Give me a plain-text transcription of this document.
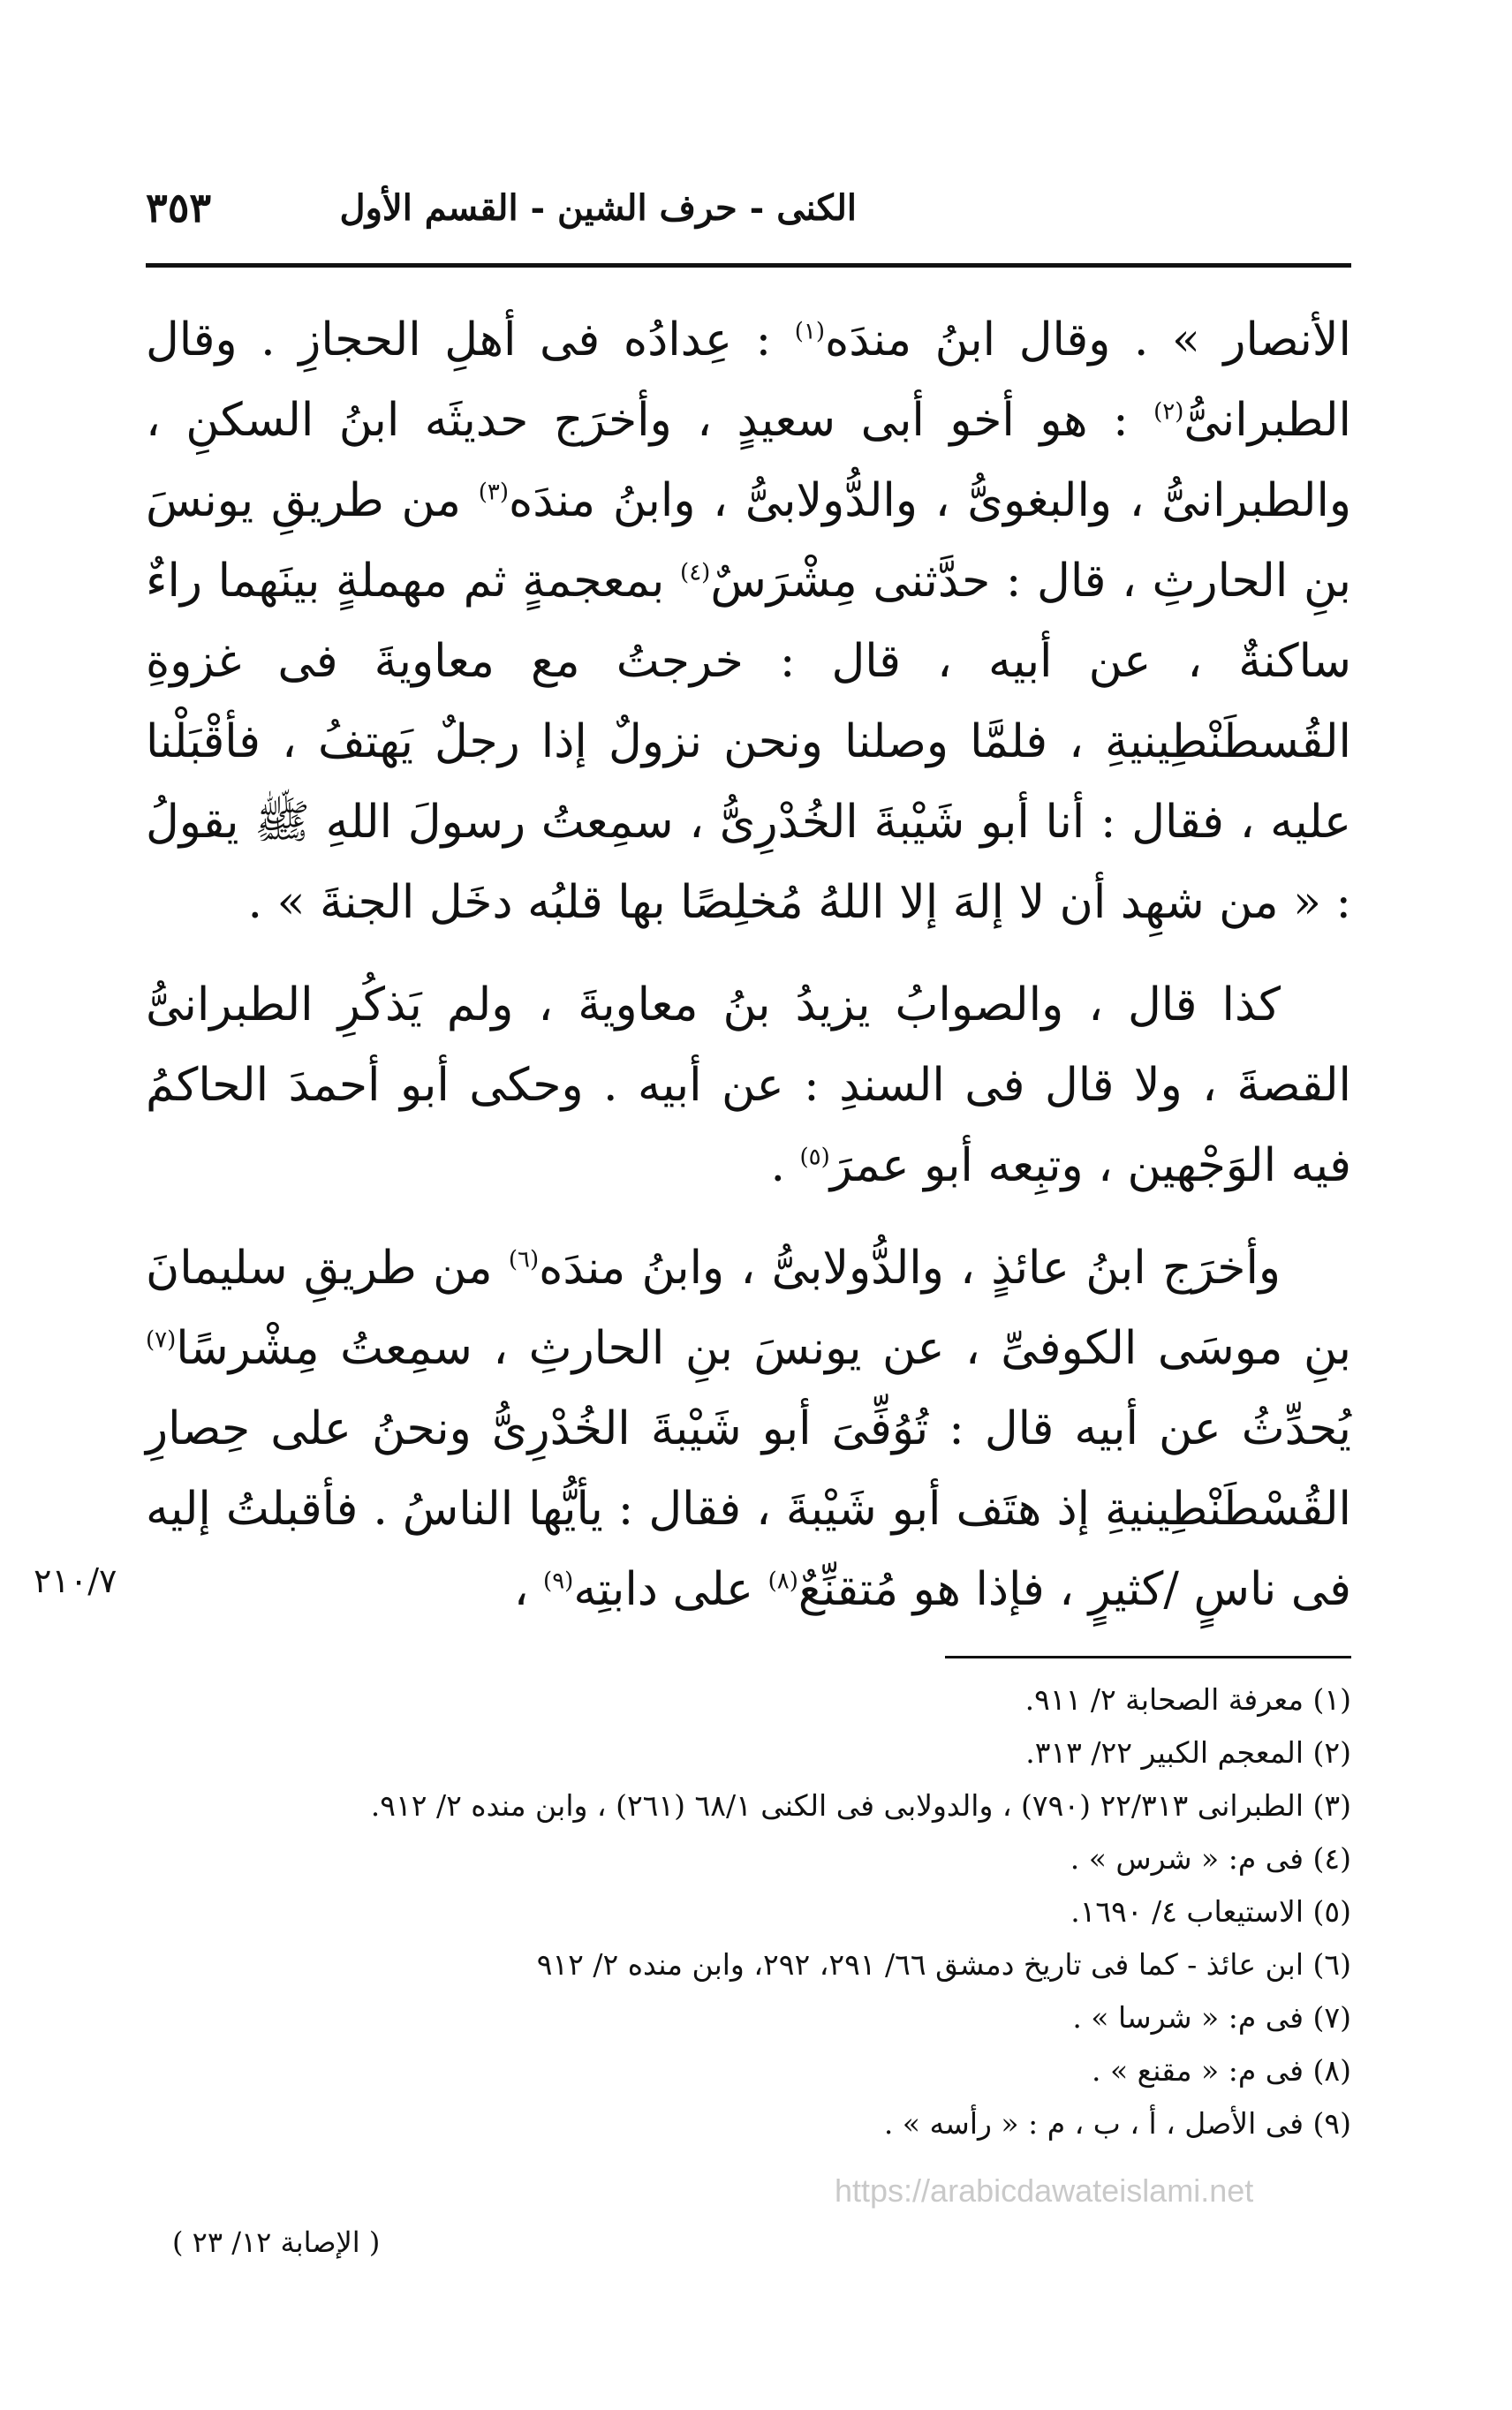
الكنى - حرف الشين - القسم الأول
٣٥٣

الأنصار » . وقال ابنُ مندَه$^{(١)}$ : عِدادُه فى أهلِ الحجازِ . وقال الطبرانىُّ$^{(٢)}$ : هو أخو أبى سعيدٍ ، وأخرَج حديثَه ابنُ السكنِ ، والطبرانىُّ ، والبغوىُّ ، والدُّولابىُّ ، وابنُ مندَه$^{(٣)}$ من طريقِ يونسَ بنِ الحارثِ ، قال : حدَّثنى مِشْرَسٌ$^{(٤)}$ بمعجمةٍ ثم مهملةٍ بينَهما راءٌ ساكنةٌ ، عن أبيه ، قال : خرجتُ مع معاويةَ فى غزوةِ القُسطَنْطِينيةِ ، فلمَّا وصلنا ونحن نزولٌ إذا رجلٌ يَهتفُ ، فأقْبَلْنا عليه ، فقال : أنا أبو شَيْبةَ الخُدْرِىُّ ، سمِعتُ رسولَ اللهِ ﷺ يقولُ : « من شهِد أن لا إلهَ إلا اللهُ مُخلِصًا بها قلبُه دخَل الجنةَ » .

كذا قال ، والصوابُ يزيدُ بنُ معاويةَ ، ولم يَذكُرِ الطبرانىُّ القصةَ ، ولا قال فى السندِ : عن أبيه . وحكى أبو أحمدَ الحاكمُ فيه الوَجْهين ، وتبِعه أبو عمرَ$^{(٥)}$ .

وأخرَج ابنُ عائذٍ ، والدُّولابىُّ ، وابنُ مندَه$^{(٦)}$ من طريقِ سليمانَ بنِ موسَى الكوفىِّ ، عن يونسَ بنِ الحارثِ ، سمِعتُ مِشْرسًا$^{(٧)}$ يُحدِّثُ عن أبيه قال : تُوُفِّىَ أبو شَيْبةَ الخُدْرِىُّ ونحنُ على حِصارِ القُسْطَنْطِينيةِ إذ هتَف أبو شَيْبةَ ، فقال : يأيُّها الناسُ . فأقبلتُ إليه فى ناسٍ /كثيرٍ ، فإذا هو مُتقنِّعٌ$^{(٨)}$ على دابتِه$^{(٩)}$ ،

٢١٠/٧
(١) معرفة الصحابة ٢/ ٩١١.
(٢) المعجم الكبير ٢٢/ ٣١٣.
(٣) الطبرانى ٢٢/٣١٣ (٧٩٠) ، والدولابى فى الكنى ٦٨/١ (٢٦١) ، وابن منده ٢/ ٩١٢.
(٤) فى م: « شرس » .
(٥) الاستيعاب ٤/ ١٦٩٠.
(٦) ابن عائذ - كما فى تاريخ دمشق ٦٦/ ٢٩١، ٢٩٢، وابن منده ٢/ ٩١٢
(٧) فى م: « شرسا » .
(٨) فى م: « مقنع » .
(٩) فى الأصل ، أ ، ب ، م : « رأسه » .
https://arabicdawateislami.net
( الإصابة ١٢/ ٢٣ )
